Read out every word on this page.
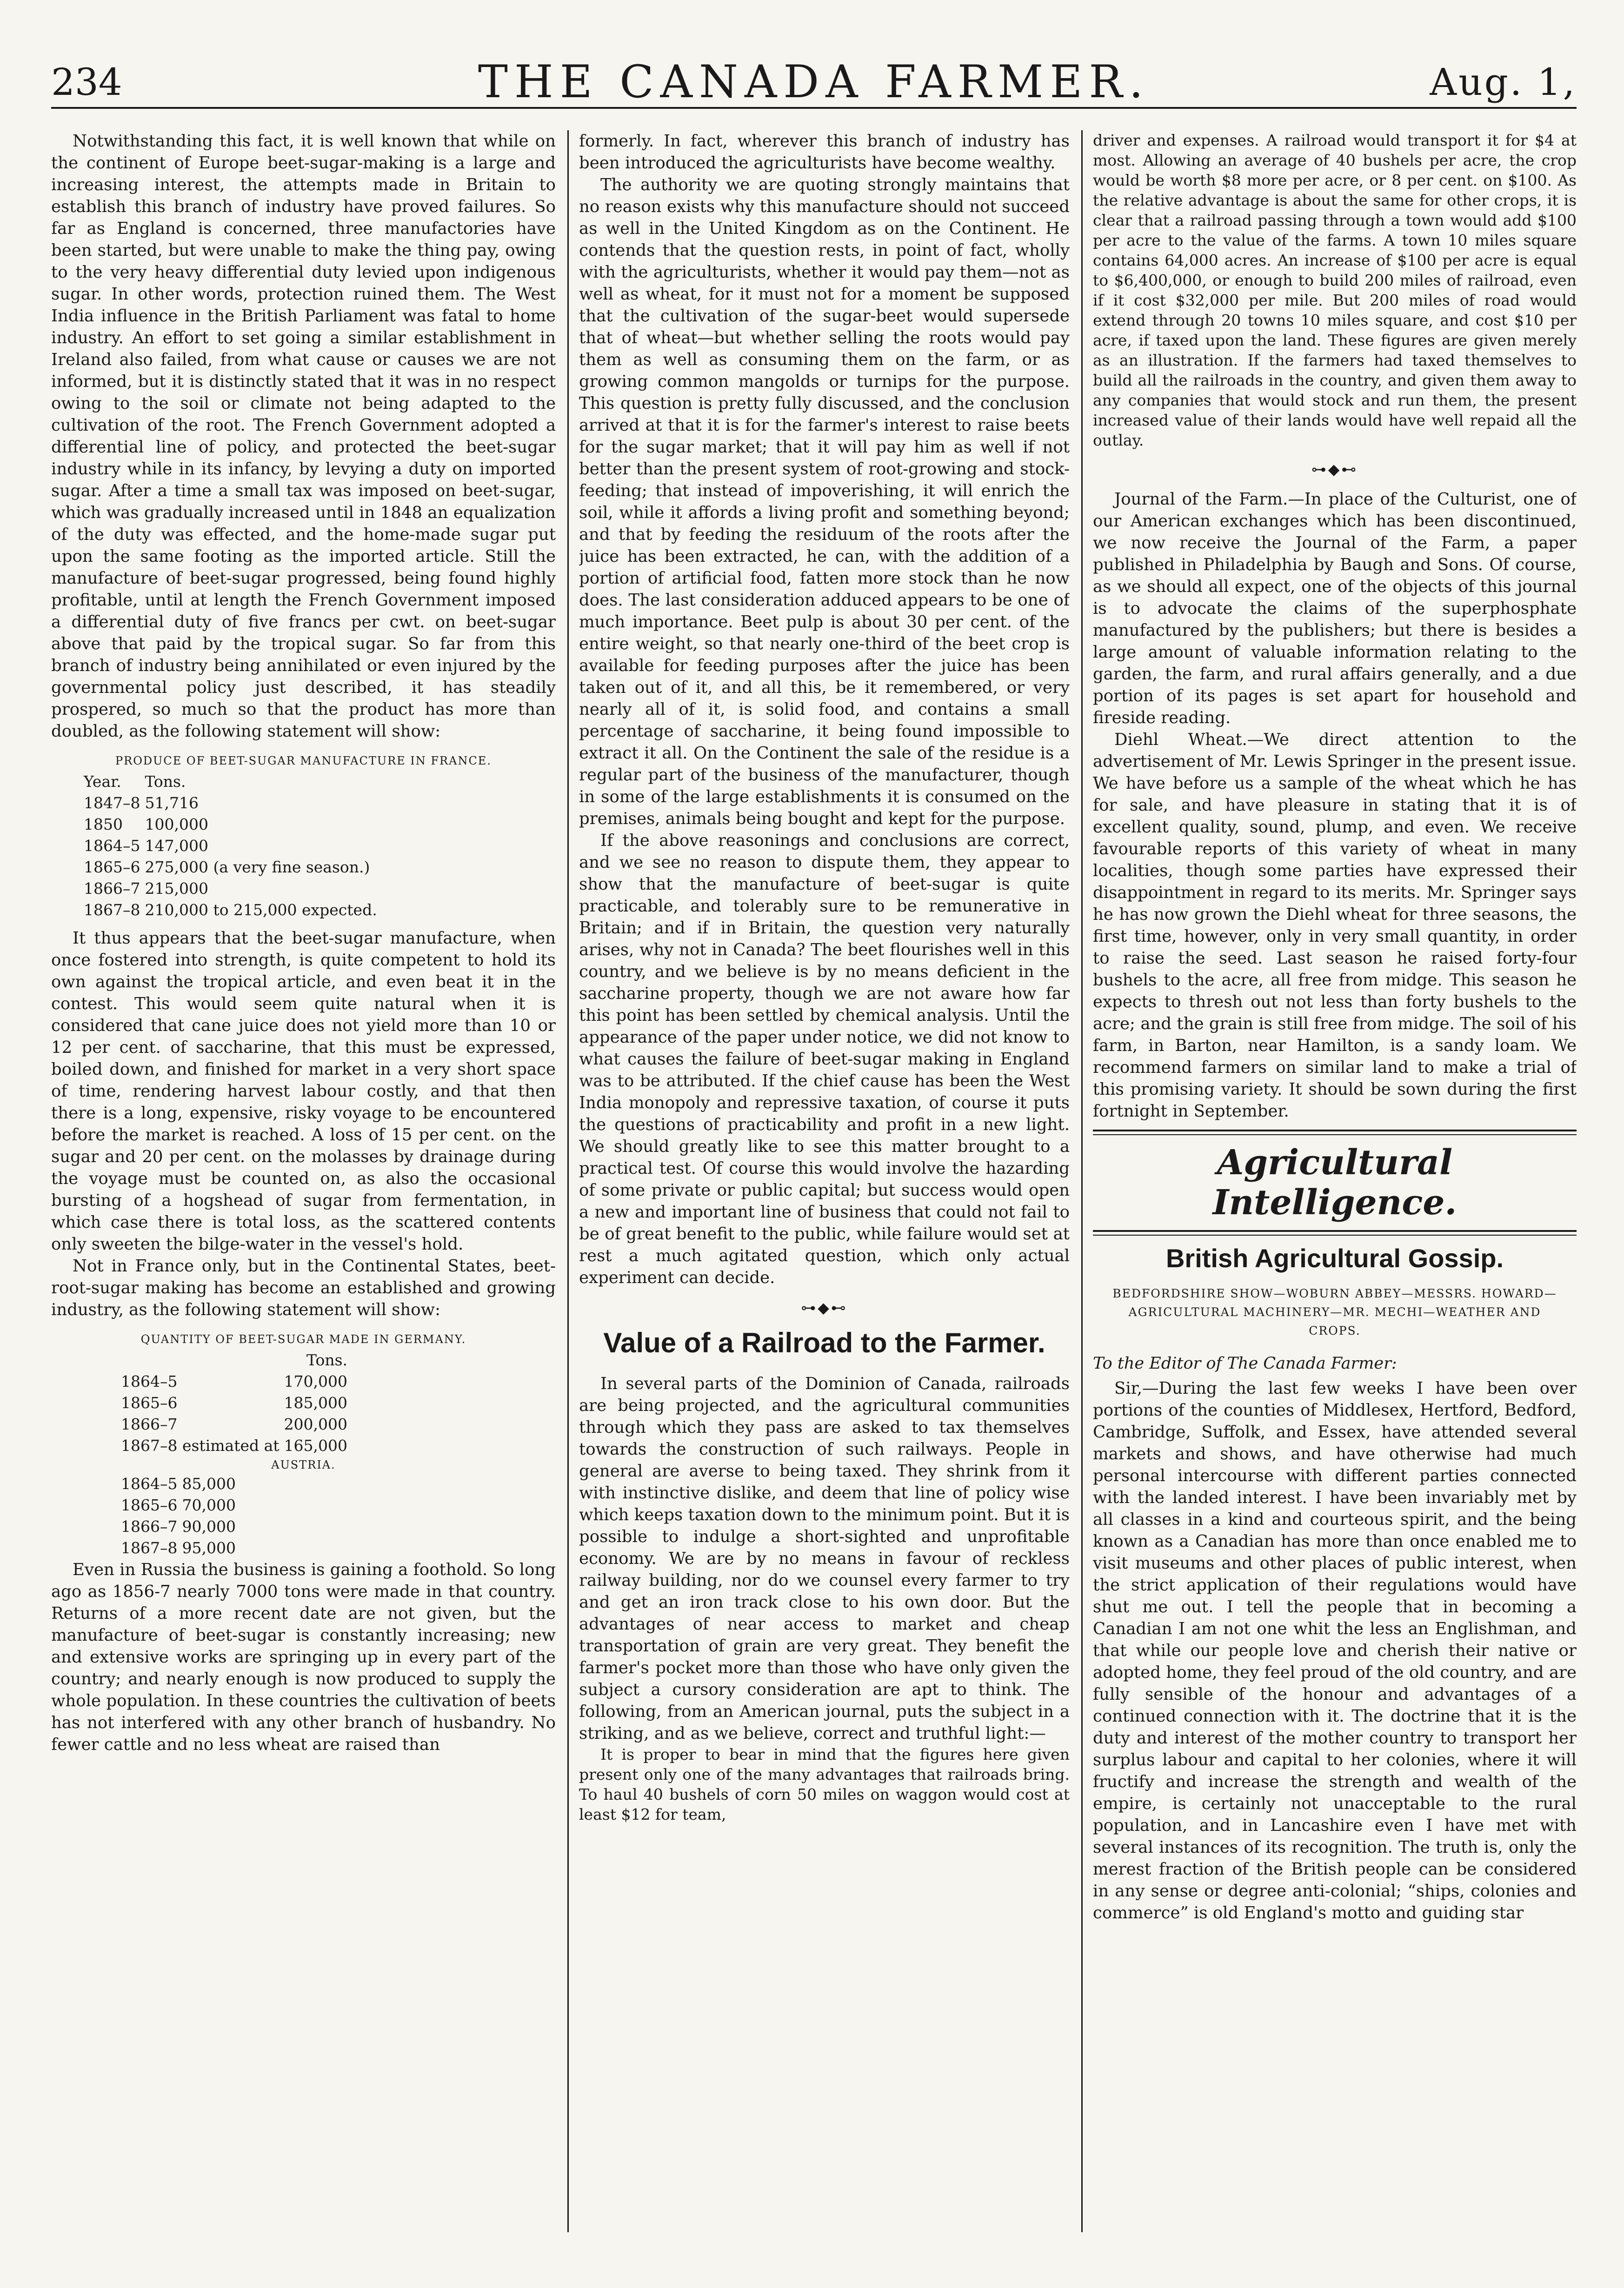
234	THE CANADA FARMER.	Aug. 1,

Notwithstanding this fact, it is well known that while on the continent of Europe beet-sugar-making is a large and increasing interest, the attempts made in Britain to establish this branch of industry have proved failures. So far as England is concerned, three manufactories have been started, but were unable to make the thing pay, owing to the very heavy differential duty levied upon indigenous sugar. In other words, protection ruined them. The West India influence in the British Parliament was fatal to home industry. An effort to set going a similar establishment in Ireland also failed, from what cause or causes we are not informed, but it is distinctly stated that it was in no respect owing to the soil or climate not being adapted to the cultivation of the root. The French Government adopted a differential line of policy, and protected the beet-sugar industry while in its infancy, by levying a duty on imported sugar. After a time a small tax was imposed on beet-sugar, which was gradually increased until in 1848 an equalization of the duty was effected, and the home-made sugar put upon the same footing as the imported article. Still the manufacture of beet-sugar progressed, being found highly profitable, until at length the French Government imposed a differential duty of five francs per cwt. on beet-sugar above that paid by the tropical sugar. So far from this branch of industry being annihilated or even injured by the governmental policy just described, it has steadily prospered, so much so that the product has more than doubled, as the following statement will show:

PRODUCE OF BEET-SUGAR MANUFACTURE IN FRANCE.
Year.	Tons.
1847–8	51,716
1850	100,000
1864–5	147,000
1865–6	275,000 (a very fine season.)
1866–7	215,000
1867–8	210,000 to 215,000 expected.

It thus appears that the beet-sugar manufacture, when once fostered into strength, is quite competent to hold its own against the tropical article, and even beat it in the contest. This would seem quite natural when it is considered that cane juice does not yield more than 10 or 12 per cent. of saccharine, that this must be expressed, boiled down, and finished for market in a very short space of time, rendering harvest labour costly, and that then there is a long, expensive, risky voyage to be encountered before the market is reached. A loss of 15 per cent. on the sugar and 20 per cent. on the molasses by drainage during the voyage must be counted on, as also the occasional bursting of a hogshead of sugar from fermentation, in which case there is total loss, as the scattered contents only sweeten the bilge-water in the vessel's hold.

Not in France only, but in the Continental States, beet-root-sugar making has become an established and growing industry, as the following statement will show:

QUANTITY OF BEET-SUGAR MADE IN GERMANY.
	Tons.
1864–5	170,000
1865–6	185,000
1866–7	200,000
1867–8 estimated at	165,000
AUSTRIA.
1864–5	85,000
1865–6	70,000
1866–7	90,000
1867–8	95,000

Even in Russia the business is gaining a foothold. So long ago as 1856-7 nearly 7000 tons were made in that country. Returns of a more recent date are not given, but the manufacture of beet-sugar is constantly increasing; new and extensive works are springing up in every part of the country; and nearly enough is now produced to supply the whole population. In these countries the cultivation of beets has not interfered with any other branch of husbandry. No fewer cattle and no less wheat are raised than

formerly. In fact, wherever this branch of industry has been introduced the agriculturists have become wealthy.

The authority we are quoting strongly maintains that no reason exists why this manufacture should not succeed as well in the United Kingdom as on the Continent. He contends that the question rests, in point of fact, wholly with the agriculturists, whether it would pay them—not as well as wheat, for it must not for a moment be supposed that the cultivation of the sugar-beet would supersede that of wheat—but whether selling the roots would pay them as well as consuming them on the farm, or as growing common mangolds or turnips for the purpose. This question is pretty fully discussed, and the conclusion arrived at that it is for the farmer's interest to raise beets for the sugar market; that it will pay him as well if not better than the present system of root-growing and stock-feeding; that instead of impoverishing, it will enrich the soil, while it affords a living profit and something beyond; and that by feeding the residuum of the roots after the juice has been extracted, he can, with the addition of a portion of artificial food, fatten more stock than he now does. The last consideration adduced appears to be one of much importance. Beet pulp is about 30 per cent. of the entire weight, so that nearly one-third of the beet crop is available for feeding purposes after the juice has been taken out of it, and all this, be it remembered, or very nearly all of it, is solid food, and contains a small percentage of saccharine, it being found impossible to extract it all. On the Continent the sale of the residue is a regular part of the business of the manufacturer, though in some of the large establishments it is consumed on the premises, animals being bought and kept for the purpose.

If the above reasonings and conclusions are correct, and we see no reason to dispute them, they appear to show that the manufacture of beet-sugar is quite practicable, and tolerably sure to be remunerative in Britain; and if in Britain, the question very naturally arises, why not in Canada? The beet flourishes well in this country, and we believe is by no means deficient in the saccharine property, though we are not aware how far this point has been settled by chemical analysis. Until the appearance of the paper under notice, we did not know to what causes the failure of beet-sugar making in England was to be attributed. If the chief cause has been the West India monopoly and repressive taxation, of course it puts the questions of practicability and profit in a new light. We should greatly like to see this matter brought to a practical test. Of course this would involve the hazarding of some private or public capital; but success would open a new and important line of business that could not fail to be of great benefit to the public, while failure would set at rest a much agitated question, which only actual experiment can decide.

⊶◆⊷
Value of a Railroad to the Farmer.

In several parts of the Dominion of Canada, railroads are being projected, and the agricultural communities through which they pass are asked to tax themselves towards the construction of such railways. People in general are averse to being taxed. They shrink from it with instinctive dislike, and deem that line of policy wise which keeps taxation down to the minimum point. But it is possible to indulge a short-sighted and unprofitable economy. We are by no means in favour of reckless railway building, nor do we counsel every farmer to try and get an iron track close to his own door. But the advantages of near access to market and cheap transportation of grain are very great. They benefit the farmer's pocket more than those who have only given the subject a cursory consideration are apt to think. The following, from an American journal, puts the subject in a striking, and as we believe, correct and truthful light:—

It is proper to bear in mind that the figures here given present only one of the many advantages that railroads bring. To haul 40 bushels of corn 50 miles on waggon would cost at least $12 for team,

driver and expenses. A railroad would transport it for $4 at most. Allowing an average of 40 bushels per acre, the crop would be worth $8 more per acre, or 8 per cent. on $100. As the relative advantage is about the same for other crops, it is clear that a railroad passing through a town would add $100 per acre to the value of the farms. A town 10 miles square contains 64,000 acres. An increase of $100 per acre is equal to $6,400,000, or enough to build 200 miles of railroad, even if it cost $32,000 per mile. But 200 miles of road would extend through 20 towns 10 miles square, and cost $10 per acre, if taxed upon the land. These figures are given merely as an illustration. If the farmers had taxed themselves to build all the railroads in the country, and given them away to any companies that would stock and run them, the present increased value of their lands would have well repaid all the outlay.

⊶◆⊷

Journal of the Farm.—In place of the Culturist, one of our American exchanges which has been discontinued, we now receive the Journal of the Farm, a paper published in Philadelphia by Baugh and Sons. Of course, as we should all expect, one of the objects of this journal is to advocate the claims of the superphosphate manufactured by the publishers; but there is besides a large amount of valuable information relating to the garden, the farm, and rural affairs generally, and a due portion of its pages is set apart for household and fireside reading.

Diehl Wheat.—We direct attention to the advertisement of Mr. Lewis Springer in the present issue. We have before us a sample of the wheat which he has for sale, and have pleasure in stating that it is of excellent quality, sound, plump, and even. We receive favourable reports of this variety of wheat in many localities, though some parties have expressed their disappointment in regard to its merits. Mr. Springer says he has now grown the Diehl wheat for three seasons, the first time, however, only in very small quantity, in order to raise the seed. Last season he raised forty-four bushels to the acre, all free from midge. This season he expects to thresh out not less than forty bushels to the acre; and the grain is still free from midge. The soil of his farm, in Barton, near Hamilton, is a sandy loam. We recommend farmers on similar land to make a trial of this promising variety. It should be sown during the first fortnight in September.

Agricultural Intelligence.
British Agricultural Gossip.
BEDFORDSHIRE SHOW—WOBURN ABBEY—MESSRS. HOWARD—AGRICULTURAL MACHINERY—MR. MECHI—WEATHER AND CROPS.
To the Editor of The Canada Farmer:

Sir,—During the last few weeks I have been over portions of the counties of Middlesex, Hertford, Bedford, Cambridge, Suffolk, and Essex, have attended several markets and shows, and have otherwise had much personal intercourse with different parties connected with the landed interest. I have been invariably met by all classes in a kind and courteous spirit, and the being known as a Canadian has more than once enabled me to visit museums and other places of public interest, when the strict application of their regulations would have shut me out. I tell the people that in becoming a Canadian I am not one whit the less an Englishman, and that while our people love and cherish their native or adopted home, they feel proud of the old country, and are fully sensible of the honour and advantages of a continued connection with it. The doctrine that it is the duty and interest of the mother country to transport her surplus labour and capital to her colonies, where it will fructify and increase the strength and wealth of the empire, is certainly not unacceptable to the rural population, and in Lancashire even I have met with several instances of its recognition. The truth is, only the merest fraction of the British people can be considered in any sense or degree anti-colonial; “ships, colonies and commerce” is old England's motto and guiding star
